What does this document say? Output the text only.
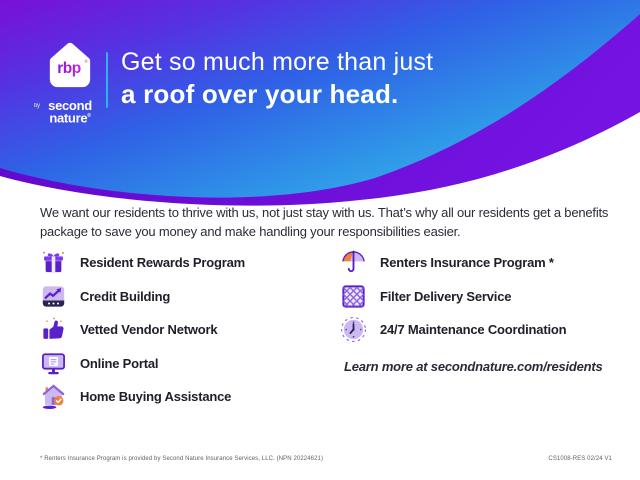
rbp ®
by second
nature®
Get so much more than just
a roof over your head.

We want our residents to thrive with us, not just stay with us. That’s why all our residents get a benefits package to save you money and make handling your responsibilities easier.

Resident Rewards Program
Credit Building
Vetted Vendor Network
Online Portal
Home Buying Assistance
Renters Insurance Program *
Filter Delivery Service
24/7 Maintenance Coordination
Learn more at secondnature.com/residents
* Renters Insurance Program is provided by Second Nature Insurance Services, LLC. (NPN 20224621)	CS1008-RES 02/24 V1
